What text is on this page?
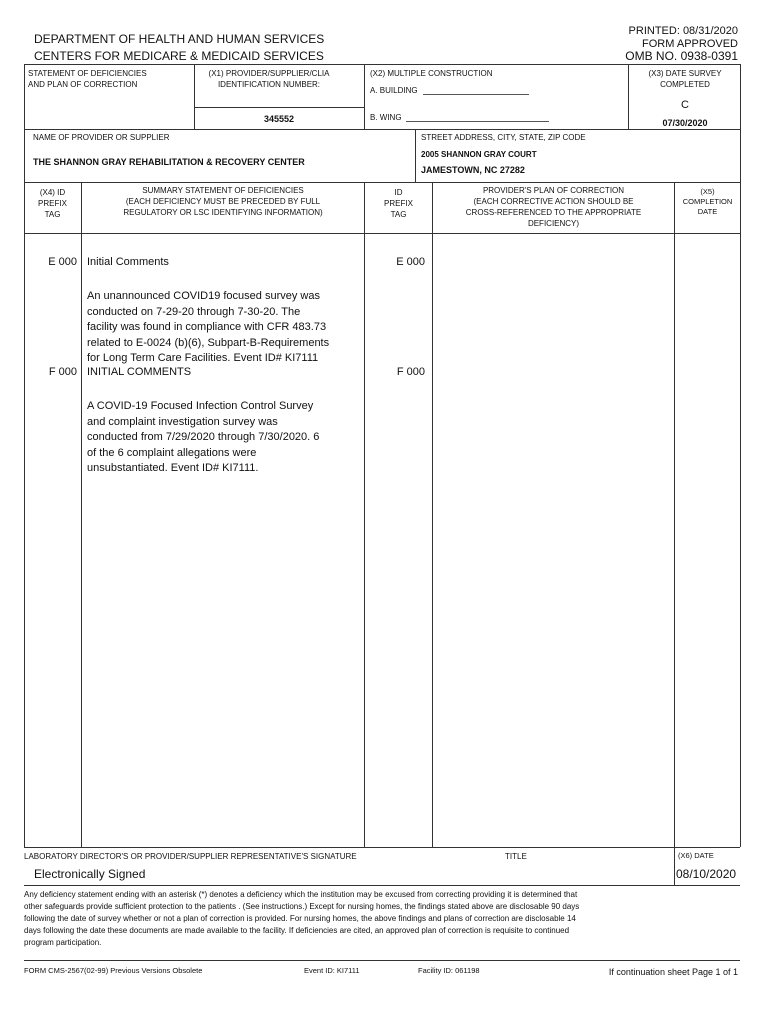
DEPARTMENT OF HEALTH AND HUMAN SERVICES
CENTERS FOR MEDICARE & MEDICAID SERVICES
PRINTED: 08/31/2020
FORM APPROVED
OMB NO. 0938-0391
STATEMENT OF DEFICIENCIES
AND PLAN OF CORRECTION
(X1) PROVIDER/SUPPLIER/CLIA
IDENTIFICATION NUMBER:
345552
(X2) MULTIPLE CONSTRUCTION
A. BUILDING
B. WING
(X3) DATE SURVEY
COMPLETED
C
07/30/2020
NAME OF PROVIDER OR SUPPLIER
THE SHANNON GRAY REHABILITATION & RECOVERY CENTER
STREET ADDRESS, CITY, STATE, ZIP CODE
2005 SHANNON GRAY COURT
JAMESTOWN, NC 27282
(X4) ID
PREFIX
TAG
SUMMARY STATEMENT OF DEFICIENCIES
(EACH DEFICIENCY MUST BE PRECEDED BY FULL
REGULATORY OR LSC IDENTIFYING INFORMATION)
ID
PREFIX
TAG
PROVIDER'S PLAN OF CORRECTION
(EACH CORRECTIVE ACTION SHOULD BE
CROSS-REFERENCED TO THE APPROPRIATE
DEFICIENCY)
(X5)
COMPLETION
DATE
E 000 Initial Comments
An unannounced COVID19 focused survey was
conducted on 7-29-20 through 7-30-20. The
facility was found in compliance with CFR 483.73
related to E-0024 (b)(6), Subpart-B-Requirements
for Long Term Care Facilities. Event ID# KI7111
E 000
F 000 INITIAL COMMENTS
A COVID-19 Focused Infection Control Survey
and complaint investigation survey was
conducted from 7/29/2020 through 7/30/2020. 6
of the 6 complaint allegations were
unsubstantiated. Event ID# KI7111.
F 000
LABORATORY DIRECTOR'S OR PROVIDER/SUPPLIER REPRESENTATIVE'S SIGNATURE
Electronically Signed
TITLE	(X6) DATE
08/10/2020
Any deficiency statement ending with an asterisk (*) denotes a deficiency which the institution may be excused from correcting providing it is determined that
other safeguards provide sufficient protection to the patients . (See instructions.) Except for nursing homes, the findings stated above are disclosable 90 days
following the date of survey whether or not a plan of correction is provided. For nursing homes, the above findings and plans of correction are disclosable 14
days following the date these documents are made available to the facility. If deficiencies are cited, an approved plan of correction is requisite to continued
program participation.
FORM CMS-2567(02-99) Previous Versions Obsolete	Event ID: KI7111	Facility ID: 061198	If continuation sheet Page 1 of 1
